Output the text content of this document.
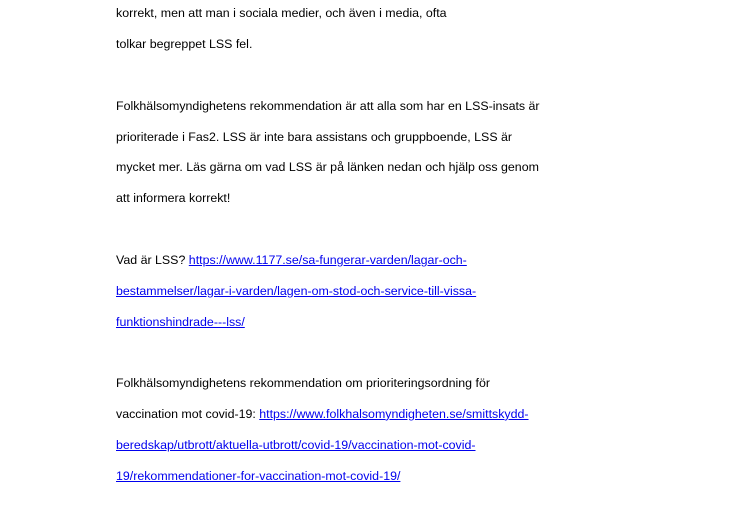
korrekt, men att man i sociala medier, och även i media, ofta

tolkar begreppet LSS fel.

Folkhälsomyndighetens rekommendation är att alla som har en LSS-insats är

prioriterade i Fas2. LSS är inte bara assistans och gruppboende, LSS är

mycket mer. Läs gärna om vad LSS är på länken nedan och hjälp oss genom

att informera korrekt!

Vad är LSS? https://www.1177.se/sa-fungerar-varden/lagar-och-

bestammelser/lagar-i-varden/lagen-om-stod-och-service-till-vissa-

funktionshindrade---lss/

Folkhälsomyndighetens rekommendation om prioriteringsordning för

vaccination mot covid-19: https://www.folkhalsomyndigheten.se/smittskydd-

beredskap/utbrott/aktuella-utbrott/covid-19/vaccination-mot-covid-

19/rekommendationer-for-vaccination-mot-covid-19/
